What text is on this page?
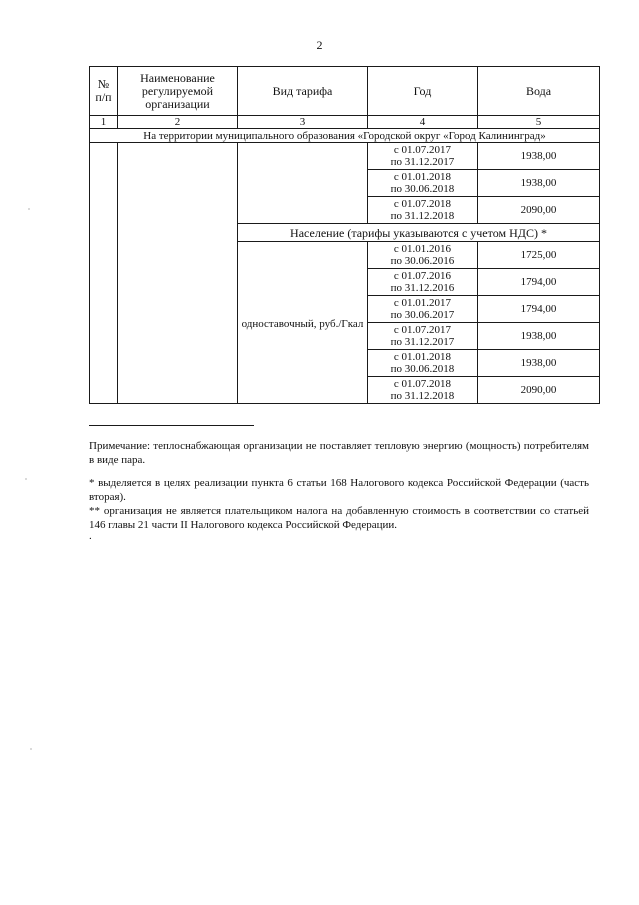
2
№
п/п	Наименование регулируемой организации	Вид тарифа	Год	Вода
1	2	3	4	5
На территории муниципального образования «Городской округ «Город Калининград»				
			с 01.07.2017
по 31.12.2017	1938,00
			с 01.01.2018
по 30.06.2018	1938,00
			с 01.07.2018
по 31.12.2018	2090,00
		Население (тарифы указываются с учетом НДС) *		
		одноставочный, руб./Гкал	с 01.01.2016
по 30.06.2016	1725,00
			с 01.07.2016
по 31.12.2016	1794,00
			с 01.01.2017
по 30.06.2017	1794,00
			с 01.07.2017
по 31.12.2017	1938,00
			с 01.01.2018
по 30.06.2018	1938,00
			с 01.07.2018
по 31.12.2018	2090,00
Примечание: теплоснабжающая организации не поставляет тепловую энергию (мощность) потребителям в виде пара.
* выделяется в целях реализации пункта 6 статьи 168 Налогового кодекса Российской Федерации (часть вторая).
** организация не является плательщиком налога на добавленную стоимость в соответствии со статьей 146 главы 21 части II Налогового кодекса Российской Федерации.
.
